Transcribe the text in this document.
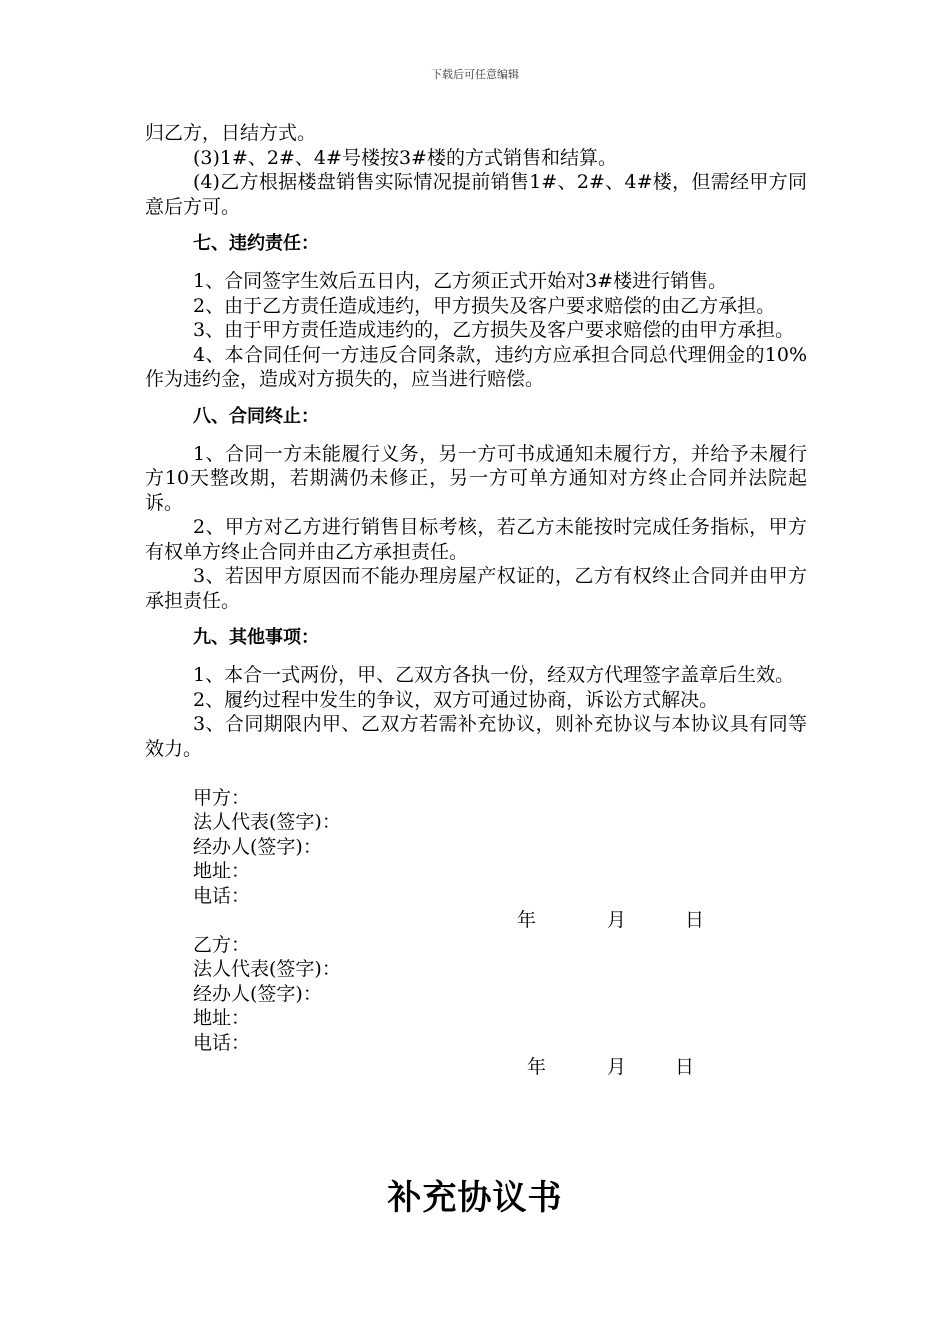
下载后可任意编辑

归乙方，日结方式。

(3)1#、2#、4#号楼按3#楼的方式销售和结算。

(4)乙方根据楼盘销售实际情况提前销售1#、2#、4#楼，但需经甲方同意后方可。

七、违约责任：

1、合同签字生效后五日内，乙方须正式开始对3#楼进行销售。

2、由于乙方责任造成违约，甲方损失及客户要求赔偿的由乙方承担。

3、由于甲方责任造成违约的，乙方损失及客户要求赔偿的由甲方承担。

4、本合同任何一方违反合同条款，违约方应承担合同总代理佣金的10%作为违约金，造成对方损失的，应当进行赔偿。

八、合同终止：

1、合同一方未能履行义务，另一方可书成通知未履行方，并给予未履行方10天整改期，若期满仍未修正，另一方可单方通知对方终止合同并法院起诉。

2、甲方对乙方进行销售目标考核，若乙方未能按时完成任务指标，甲方有权单方终止合同并由乙方承担责任。

3、若因甲方原因而不能办理房屋产权证的，乙方有权终止合同并由甲方承担责任。

九、其他事项：

1、本合一式两份，甲、乙双方各执一份，经双方代理签字盖章后生效。

2、履约过程中发生的争议，双方可通过协商，诉讼方式解决。

3、合同期限内甲、乙双方若需补充协议，则补充协议与本协议具有同等效力。

甲方：
法人代表(签字)：
经办人(签字)：
地址：
电话：
年	月	日
乙方：
法人代表(签字)：
经办人(签字)：
地址：
电话：
年	月	日
补充协议书
